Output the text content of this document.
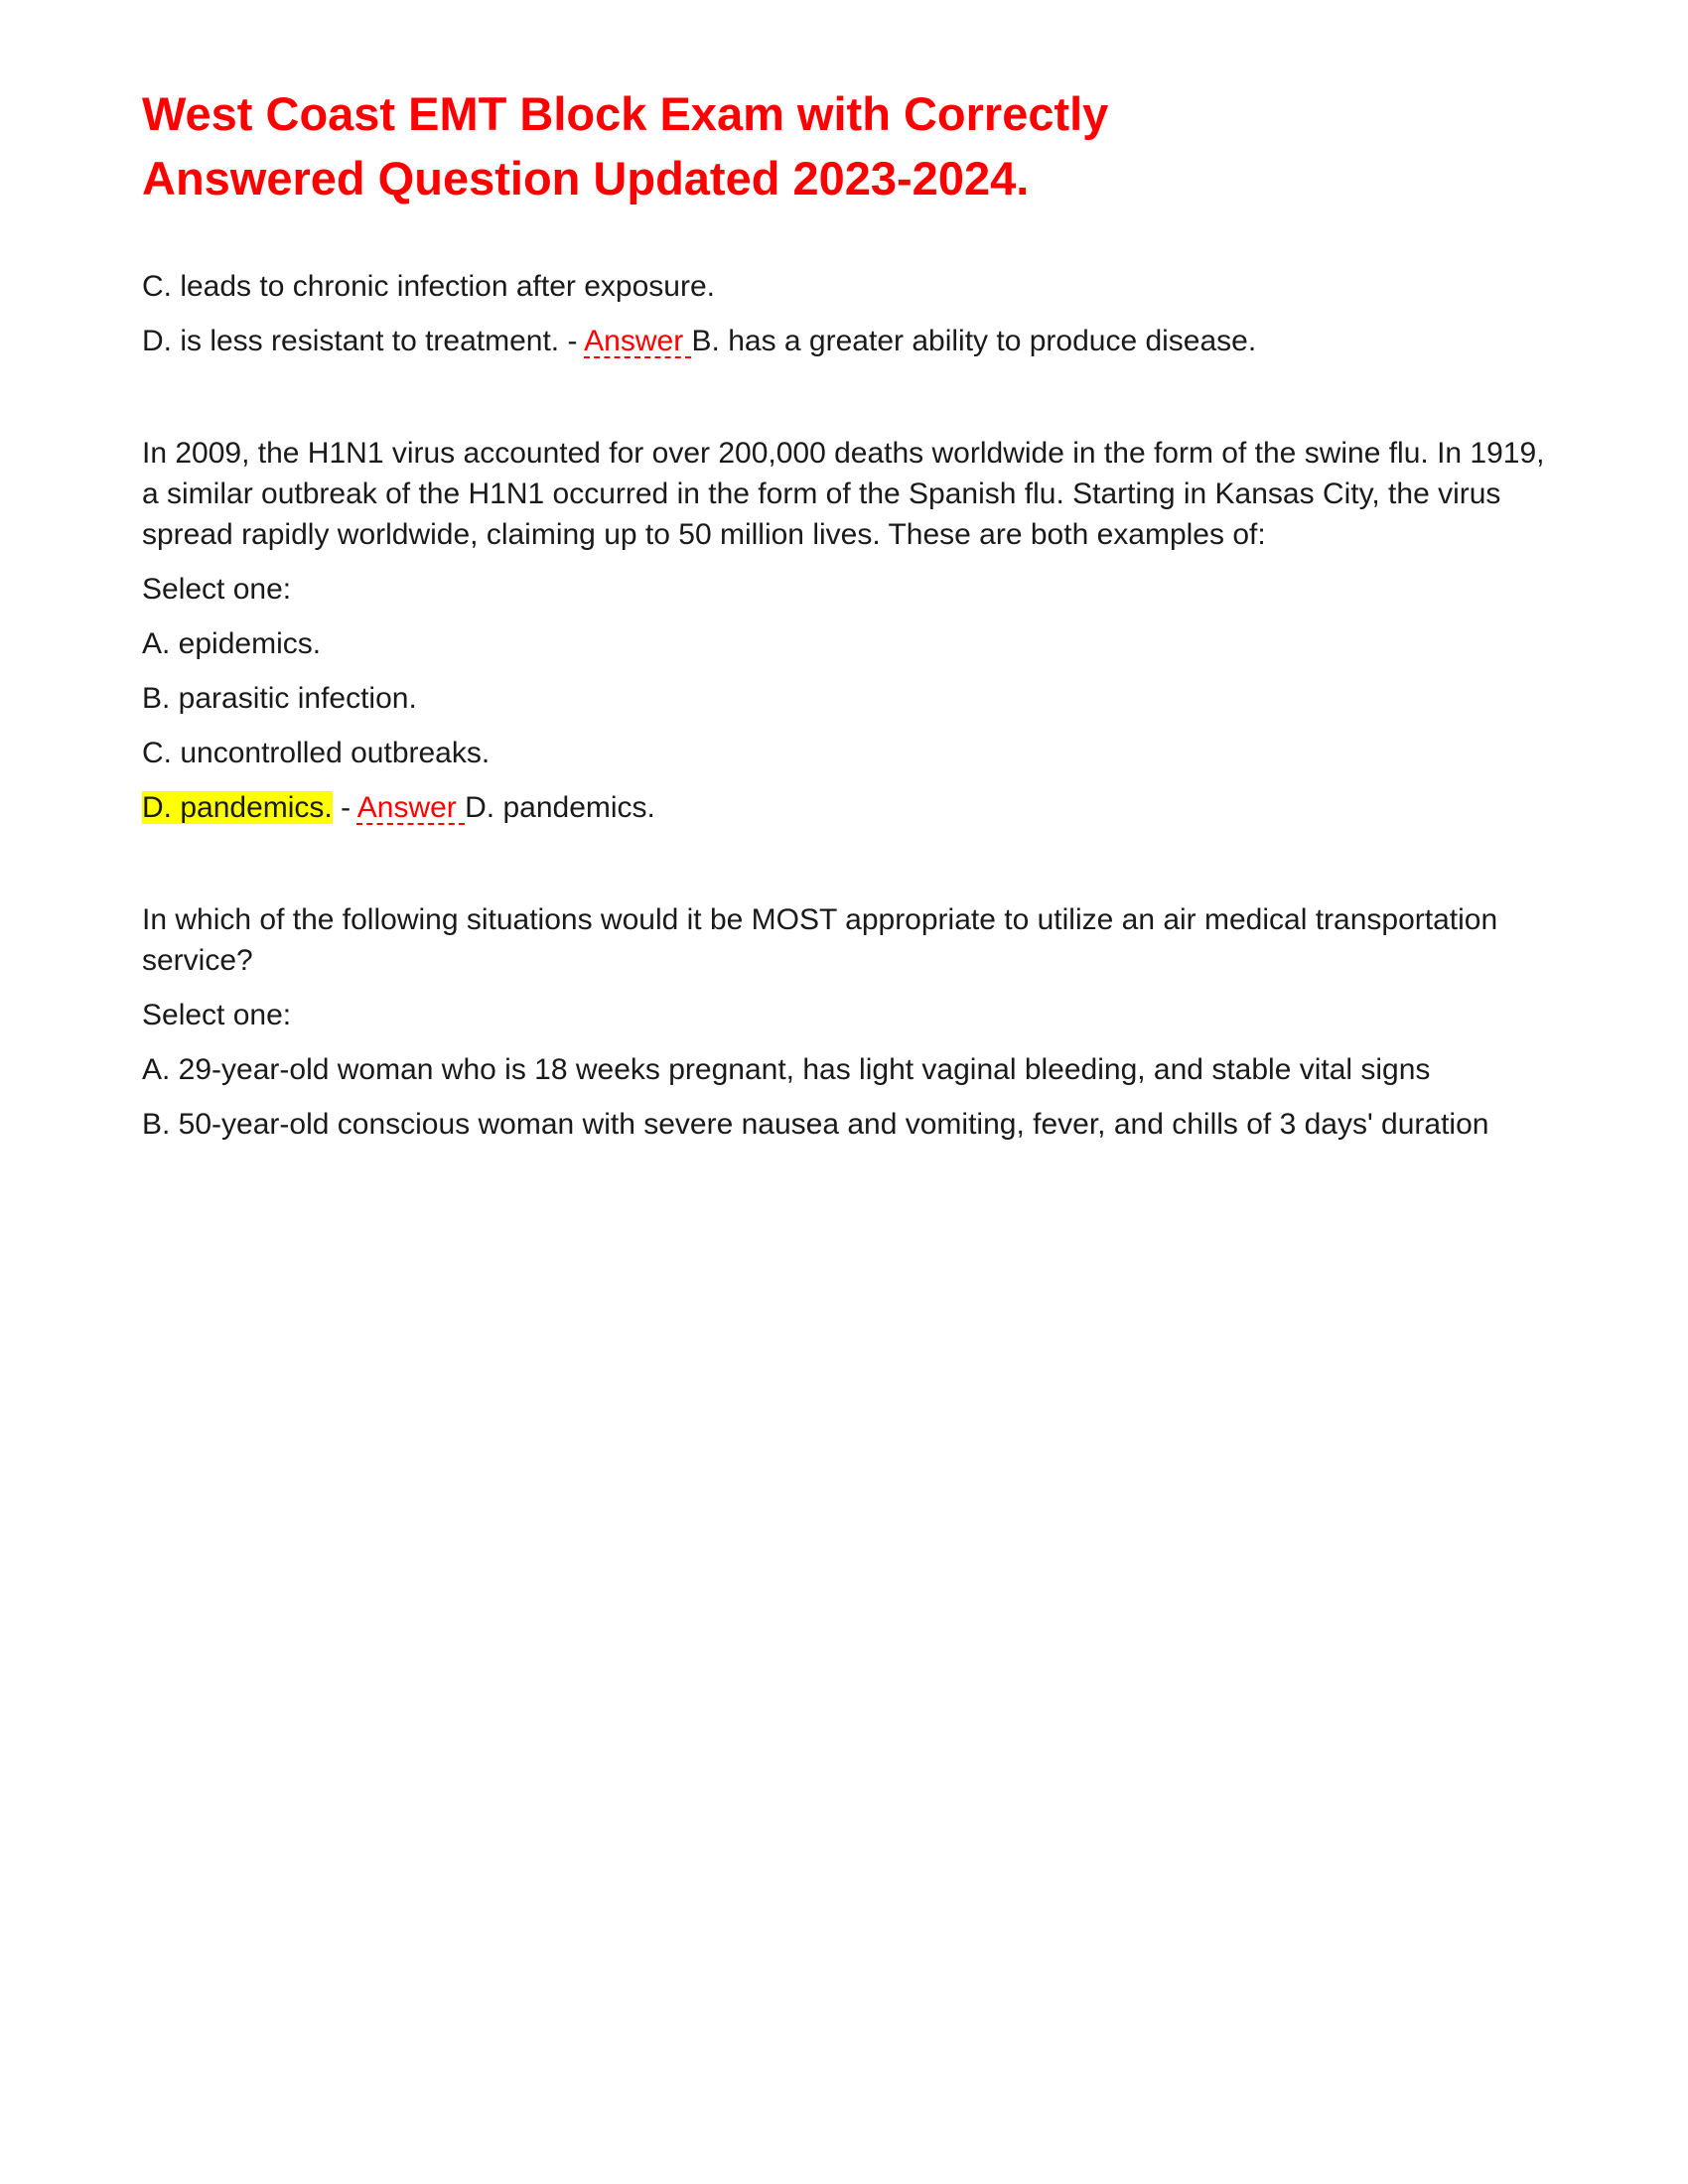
West Coast EMT Block Exam with Correctly Answered Question Updated 2023-2024.

C. leads to chronic infection after exposure.

D. is less resistant to treatment. - Answer B. has a greater ability to produce disease.

In 2009, the H1N1 virus accounted for over 200,000 deaths worldwide in the form of the swine flu. In 1919, a similar outbreak of the H1N1 occurred in the form of the Spanish flu. Starting in Kansas City, the virus spread rapidly worldwide, claiming up to 50 million lives. These are both examples of:

Select one:

A. epidemics.

B. parasitic infection.

C. uncontrolled outbreaks.

D. pandemics. - Answer D. pandemics.

In which of the following situations would it be MOST appropriate to utilize an air medical transportation service?

Select one:

A. 29-year-old woman who is 18 weeks pregnant, has light vaginal bleeding, and stable vital signs

B. 50-year-old conscious woman with severe nausea and vomiting, fever, and chills of 3 days' duration
